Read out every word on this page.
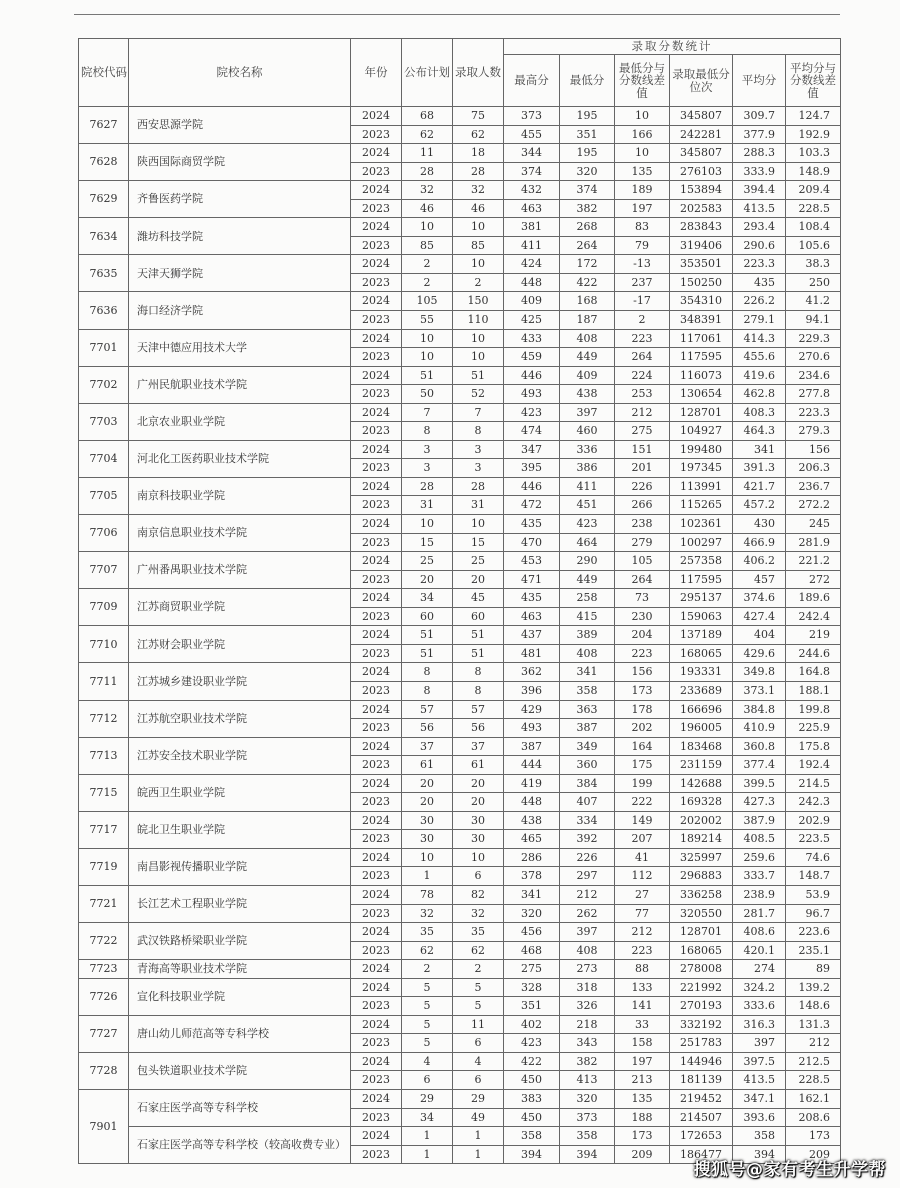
院校代码	院校名称	年份	公布计划	录取人数	录取分数统计					
					最高分	最低分	最低分与分数线差值	录取最低分位次	平均分	平均分与分数线差值
7627	西安思源学院	2024	68	75	373	195	10	345807	309.7	124.7
		2023	62	62	455	351	166	242281	377.9	192.9
7628	陕西国际商贸学院	2024	11	18	344	195	10	345807	288.3	103.3
		2023	28	28	374	320	135	276103	333.9	148.9
7629	齐鲁医药学院	2024	32	32	432	374	189	153894	394.4	209.4
		2023	46	46	463	382	197	202583	413.5	228.5
7634	潍坊科技学院	2024	10	10	381	268	83	283843	293.4	108.4
		2023	85	85	411	264	79	319406	290.6	105.6
7635	天津天狮学院	2024	2	10	424	172	-13	353501	223.3	38.3
		2023	2	2	448	422	237	150250	435	250
7636	海口经济学院	2024	105	150	409	168	-17	354310	226.2	41.2
		2023	55	110	425	187	2	348391	279.1	94.1
7701	天津中德应用技术大学	2024	10	10	433	408	223	117061	414.3	229.3
		2023	10	10	459	449	264	117595	455.6	270.6
7702	广州民航职业技术学院	2024	51	51	446	409	224	116073	419.6	234.6
		2023	50	52	493	438	253	130654	462.8	277.8
7703	北京农业职业学院	2024	7	7	423	397	212	128701	408.3	223.3
		2023	8	8	474	460	275	104927	464.3	279.3
7704	河北化工医药职业技术学院	2024	3	3	347	336	151	199480	341	156
		2023	3	3	395	386	201	197345	391.3	206.3
7705	南京科技职业学院	2024	28	28	446	411	226	113991	421.7	236.7
		2023	31	31	472	451	266	115265	457.2	272.2
7706	南京信息职业技术学院	2024	10	10	435	423	238	102361	430	245
		2023	15	15	470	464	279	100297	466.9	281.9
7707	广州番禺职业技术学院	2024	25	25	453	290	105	257358	406.2	221.2
		2023	20	20	471	449	264	117595	457	272
7709	江苏商贸职业学院	2024	34	45	435	258	73	295137	374.6	189.6
		2023	60	60	463	415	230	159063	427.4	242.4
7710	江苏财会职业学院	2024	51	51	437	389	204	137189	404	219
		2023	51	51	481	408	223	168065	429.6	244.6
7711	江苏城乡建设职业学院	2024	8	8	362	341	156	193331	349.8	164.8
		2023	8	8	396	358	173	233689	373.1	188.1
7712	江苏航空职业技术学院	2024	57	57	429	363	178	166696	384.8	199.8
		2023	56	56	493	387	202	196005	410.9	225.9
7713	江苏安全技术职业学院	2024	37	37	387	349	164	183468	360.8	175.8
		2023	61	61	444	360	175	231159	377.4	192.4
7715	皖西卫生职业学院	2024	20	20	419	384	199	142688	399.5	214.5
		2023	20	20	448	407	222	169328	427.3	242.3
7717	皖北卫生职业学院	2024	30	30	438	334	149	202002	387.9	202.9
		2023	30	30	465	392	207	189214	408.5	223.5
7719	南昌影视传播职业学院	2024	10	10	286	226	41	325997	259.6	74.6
		2023	1	6	378	297	112	296883	333.7	148.7
7721	长江艺术工程职业学院	2024	78	82	341	212	27	336258	238.9	53.9
		2023	32	32	320	262	77	320550	281.7	96.7
7722	武汉铁路桥梁职业学院	2024	35	35	456	397	212	128701	408.6	223.6
		2023	62	62	468	408	223	168065	420.1	235.1
7723	青海高等职业技术学院	2024	2	2	275	273	88	278008	274	89
7726	宣化科技职业学院	2024	5	5	328	318	133	221992	324.2	139.2
		2023	5	5	351	326	141	270193	333.6	148.6
7727	唐山幼儿师范高等专科学校	2024	5	11	402	218	33	332192	316.3	131.3
		2023	5	6	423	343	158	251783	397	212
7728	包头铁道职业技术学院	2024	4	4	422	382	197	144946	397.5	212.5
		2023	6	6	450	413	213	181139	413.5	228.5
7901	石家庄医学高等专科学校	2024	29	29	383	320	135	219452	347.1	162.1
		2023	34	49	450	373	188	214507	393.6	208.6
	石家庄医学高等专科学校（较高收费专业）	2024	1	1	358	358	173	172653	358	173
		2023	1	1	394	394	209	186477	394	209
搜狐号@家有考生升学帮
